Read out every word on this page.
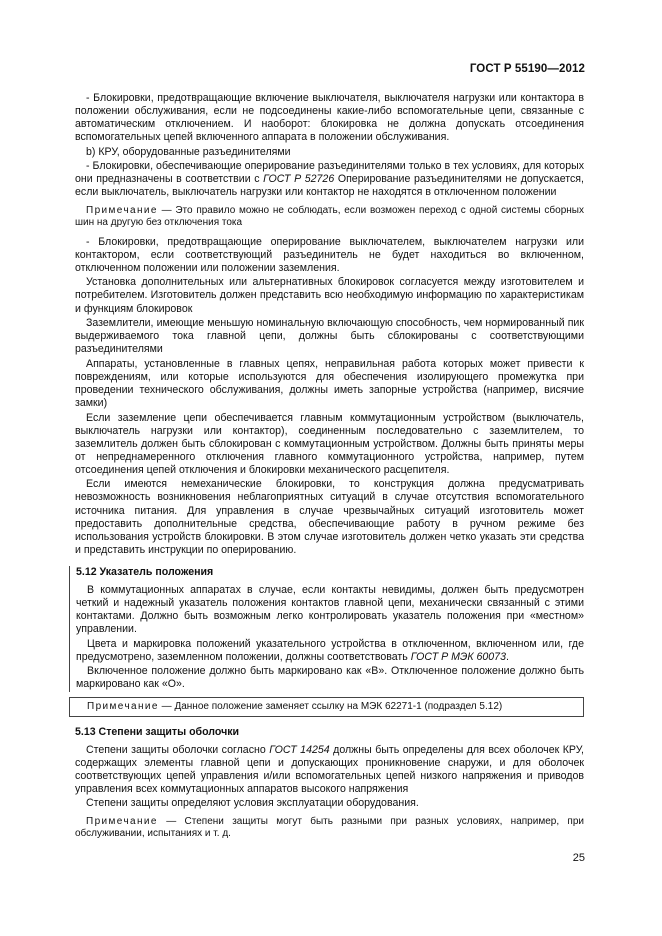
ГОСТ Р 55190—2012

- Блокировки, предотвращающие включение выключателя, выключателя нагрузки или контактора в положении обслуживания, если не подсоединены какие-либо вспомогательные цепи, связанные с автоматическим отключением. И наоборот: блокировка не должна допускать отсоединения вспомогательных цепей включенного аппарата в положении обслуживания.

b) КРУ, оборудованные разъединителями

- Блокировки, обеспечивающие оперирование разъединителями только в тех условиях, для которых они предназначены в соответствии с ГОСТ Р 52726 Оперирование разъединителями не допускается, если выключатель, выключатель нагрузки или контактор не находятся в отключенном положении

Примечание — Это правило можно не соблюдать, если возможен переход с одной системы сборных шин на другую без отключения тока

- Блокировки, предотвращающие оперирование выключателем, выключателем нагрузки или контактором, если соответствующий разъединитель не будет находиться во включенном, отключенном положении или положении заземления.

Установка дополнительных или альтернативных блокировок согласуется между изготовителем и потребителем. Изготовитель должен представить всю необходимую информацию по характеристикам и функциям блокировок

Заземлители, имеющие меньшую номинальную включающую способность, чем нормированный пик выдерживаемого тока главной цепи, должны быть сблокированы с соответствующими разъединителями

Аппараты, установленные в главных цепях, неправильная работа которых может привести к повреждениям, или которые используются для обеспечения изолирующего промежутка при проведении технического обслуживания, должны иметь запорные устройства (например, висячие замки)

Если заземление цепи обеспечивается главным коммутационным устройством (выключатель, выключатель нагрузки или контактор), соединенным последовательно с заземлителем, то заземлитель должен быть сблокирован с коммутационным устройством. Должны быть приняты меры от непреднамеренного отключения главного коммутационного устройства, например, путем отсоединения цепей отключения и блокировки механического расцепителя.

Если имеются немеханические блокировки, то конструкция должна предусматривать невозможность возникновения неблагоприятных ситуаций в случае отсутствия вспомогательного источника питания. Для управления в случае чрезвычайных ситуаций изготовитель может предоставить дополнительные средства, обеспечивающие работу в ручном режиме без использования устройств блокировки. В этом случае изготовитель должен четко указать эти средства и представить инструкции по оперированию.

5.12 Указатель положения

В коммутационных аппаратах в случае, если контакты невидимы, должен быть предусмотрен четкий и надежный указатель положения контактов главной цепи, механически связанный с этими контактами. Должно быть возможным легко контролировать указатель положения при «местном» управлении.

Цвета и маркировка положений указательного устройства в отключенном, включенном или, где предусмотрено, заземленном положении, должны соответствовать ГОСТ Р МЭК 60073.

Включенное положение должно быть маркировано как «В». Отключенное положение должно быть маркировано как «О».

Примечание — Данное положение заменяет ссылку на МЭК 62271-1 (подраздел 5.12)

5.13 Степени защиты оболочки

Степени защиты оболочки согласно ГОСТ 14254 должны быть определены для всех оболочек КРУ, содержащих элементы главной цепи и допускающих проникновение снаружи, и для оболочек соответствующих цепей управления и/или вспомогательных цепей низкого напряжения и приводов управления всех коммутационных аппаратов высокого напряжения

Степени защиты определяют условия эксплуатации оборудования.

Примечание — Степени защиты могут быть разными при разных условиях, например, при обслуживании, испытаниях и т. д.

25
